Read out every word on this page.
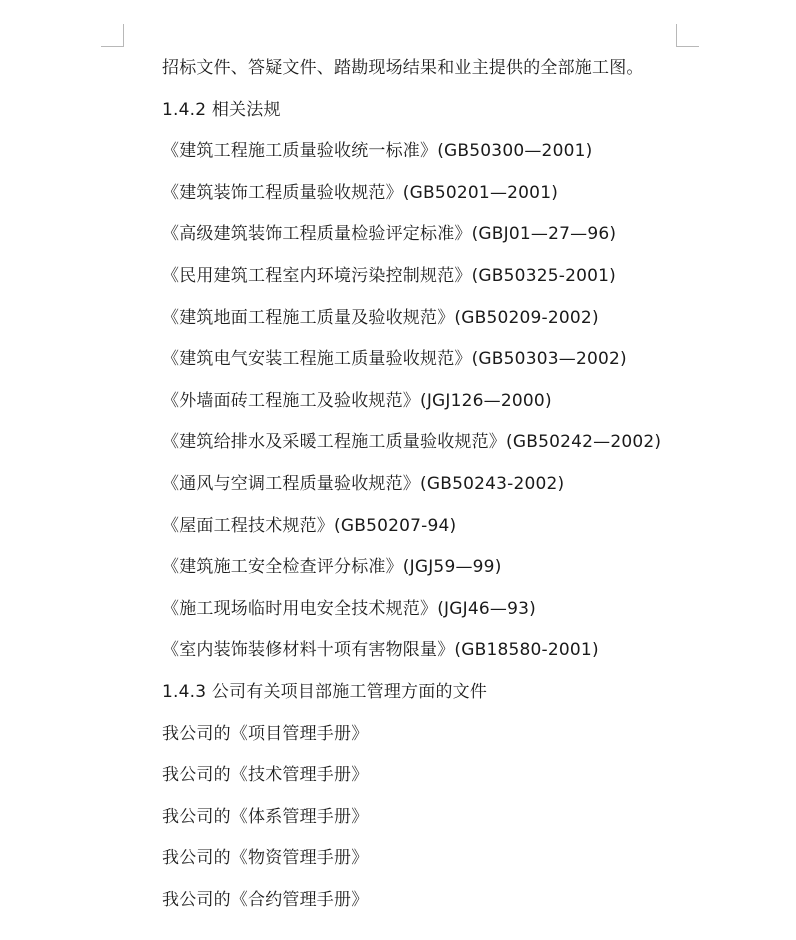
招标文件、答疑文件、踏勘现场结果和业主提供的全部施工图。
1.4.2 相关法规
《建筑工程施工质量验收统一标准》(GB50300—2001)
《建筑装饰工程质量验收规范》(GB50201—2001)
《高级建筑装饰工程质量检验评定标准》(GBJ01—27—96)
《民用建筑工程室内环境污染控制规范》(GB50325-2001)
《建筑地面工程施工质量及验收规范》(GB50209-2002)
《建筑电气安装工程施工质量验收规范》(GB50303—2002)
《外墙面砖工程施工及验收规范》(JGJ126—2000)
《建筑给排水及采暖工程施工质量验收规范》(GB50242—2002)
《通风与空调工程质量验收规范》(GB50243-2002)
《屋面工程技术规范》(GB50207-94)
《建筑施工安全检查评分标准》(JGJ59—99)
《施工现场临时用电安全技术规范》(JGJ46—93)
《室内装饰装修材料十项有害物限量》(GB18580-2001)
1.4.3 公司有关项目部施工管理方面的文件
我公司的《项目管理手册》
我公司的《技术管理手册》
我公司的《体系管理手册》
我公司的《物资管理手册》
我公司的《合约管理手册》
